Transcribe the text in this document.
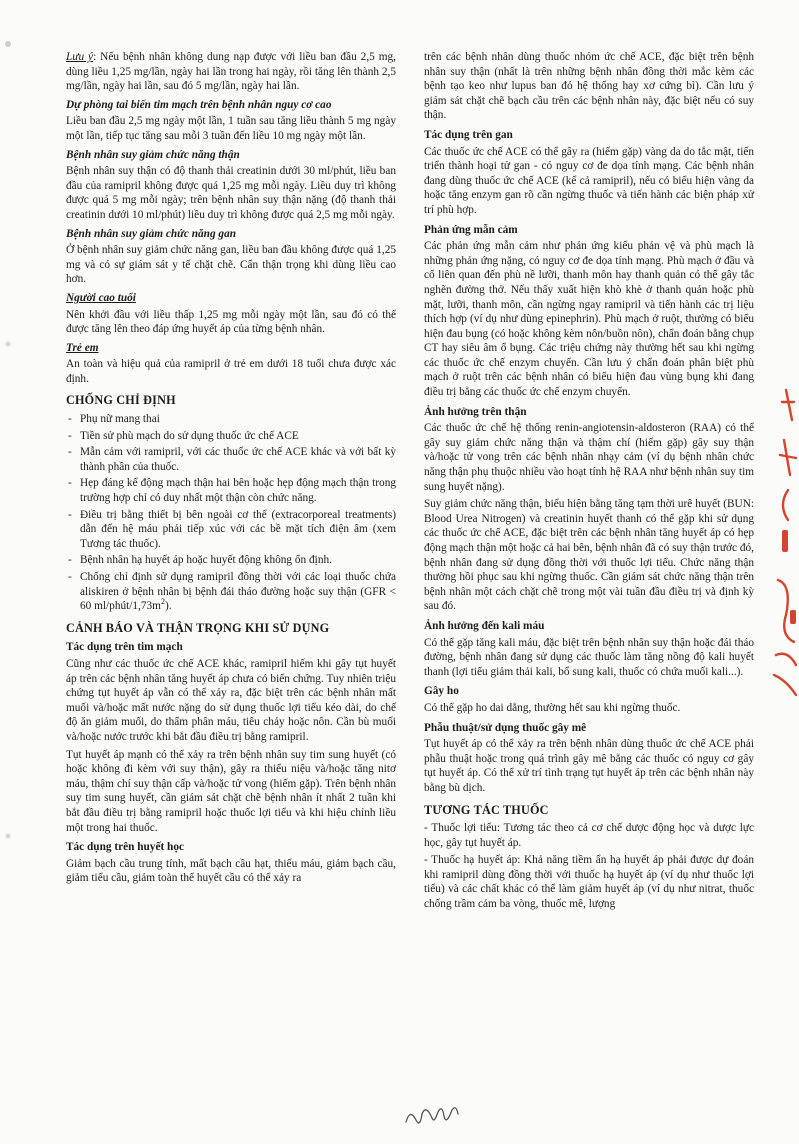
Lưu ý: Nếu bệnh nhân không dung nạp được với liều ban đầu 2,5 mg, dùng liều 1,25 mg/lần, ngày hai lần trong hai ngày, rồi tăng lên thành 2,5 mg/lần, ngày hai lần, sau đó 5 mg/lần, ngày hai lần.

Dự phòng tai biến tim mạch trên bệnh nhân nguy cơ cao

Liều ban đầu 2,5 mg ngày một lần, 1 tuần sau tăng liều thành 5 mg ngày một lần, tiếp tục tăng sau mỗi 3 tuần đến liều 10 mg ngày một lần.

Bệnh nhân suy giảm chức năng thận

Bệnh nhân suy thận có độ thanh thải creatinin dưới 30 ml/phút, liều ban đầu của ramipril không được quá 1,25 mg mỗi ngày. Liều duy trì không được quá 5 mg mỗi ngày; trên bệnh nhân suy thận nặng (độ thanh thải creatinin dưới 10 ml/phút) liều duy trì không được quá 2,5 mg mỗi ngày.

Bệnh nhân suy giảm chức năng gan

Ở bệnh nhân suy giảm chức năng gan, liều ban đầu không được quá 1,25 mg và có sự giám sát y tế chặt chẽ. Cẩn thận trọng khi dùng liều cao hơn.

Người cao tuổi

Nên khởi đầu với liều thấp 1,25 mg mỗi ngày một lần, sau đó có thể được tăng lên theo đáp ứng huyết áp của từng bệnh nhân.

Trẻ em

An toàn và hiệu quả của ramipril ở trẻ em dưới 18 tuổi chưa được xác định.

CHỐNG CHỈ ĐỊNH
- Phụ nữ mang thai
- Tiền sử phù mạch do sử dụng thuốc ức chế ACE
- Mẫn cảm với ramipril, với các thuốc ức chế ACE khác và với bất kỳ thành phần của thuốc.
- Hẹp đáng kể động mạch thận hai bên hoặc hẹp động mạch thận trong trường hợp chỉ có duy nhất một thận còn chức năng.
- Điều trị bằng thiết bị bên ngoài cơ thể (extracorporeal treatments) dẫn đến hệ máu phải tiếp xúc với các bề mặt tích điện âm (xem Tương tác thuốc).
- Bệnh nhân hạ huyết áp hoặc huyết động không ổn định.
- Chống chỉ định sử dụng ramipril đồng thời với các loại thuốc chứa aliskiren ở bệnh nhân bị bệnh đái tháo đường hoặc suy thận (GFR < 60 $ml/phút/1,73m^2$).
CẢNH BÁO VÀ THẬN TRỌNG KHI SỬ DỤNG
Tác dụng trên tim mạch

Cũng như các thuốc ức chế ACE khác, ramipril hiếm khi gây tụt huyết áp trên các bệnh nhân tăng huyết áp chưa có biến chứng. Tuy nhiên triệu chứng tụt huyết áp vẫn có thể xảy ra, đặc biệt trên các bệnh nhân mất muối và/hoặc mất nước nặng do sử dụng thuốc lợi tiểu kéo dài, do chế độ ăn giảm muối, do thẩm phân máu, tiêu chảy hoặc nôn. Cần bù muối và/hoặc nước trước khi bắt đầu điều trị bằng ramipril.

Tụt huyết áp mạnh có thể xảy ra trên bệnh nhân suy tim sung huyết (có hoặc không đi kèm với suy thận), gây ra thiểu niệu và/hoặc tăng nitơ máu, thậm chí suy thận cấp và/hoặc tử vong (hiếm gặp). Trên bệnh nhân suy tim sung huyết, cần giám sát chặt chẽ bệnh nhân ít nhất 2 tuần khi bắt đầu điều trị bằng ramipril hoặc thuốc lợi tiểu và khi hiệu chỉnh liều một trong hai thuốc.

Tác dụng trên huyết học

Giảm bạch cầu trung tính, mất bạch cầu hạt, thiếu máu, giảm bạch cầu, giảm tiểu cầu, giảm toàn thể huyết cầu có thể xảy ra

trên các bệnh nhân dùng thuốc nhóm ức chế ACE, đặc biệt trên bệnh nhân suy thận (nhất là trên những bệnh nhân đồng thời mắc kèm các bệnh tạo keo như lupus ban đỏ hệ thống hay xơ cứng bì). Cần lưu ý giám sát chặt chẽ bạch cầu trên các bệnh nhân này, đặc biệt nếu có suy thận.

Tác dụng trên gan

Các thuốc ức chế ACE có thể gây ra (hiếm gặp) vàng da do tắc mật, tiến triển thành hoại tử gan - có nguy cơ đe dọa tính mạng. Các bệnh nhân đang dùng thuốc ức chế ACE (kể cả ramipril), nếu có biểu hiện vàng da hoặc tăng enzym gan rõ cần ngừng thuốc và tiến hành các biện pháp xử trí phù hợp.

Phản ứng mẫn cảm

Các phản ứng mẫn cảm như phản ứng kiểu phản vệ và phù mạch là những phản ứng nặng, có nguy cơ đe dọa tính mạng. Phù mạch ở đầu và cổ liên quan đến phù nề lưỡi, thanh môn hay thanh quản có thể gây tắc nghẽn đường thở. Nếu thấy xuất hiện khò khè ở thanh quản hoặc phù mặt, lưỡi, thanh môn, cần ngừng ngay ramipril và tiến hành các trị liệu thích hợp (ví dụ như dùng epinephrin). Phù mạch ở ruột, thường có biểu hiện đau bụng (có hoặc không kèm nôn/buồn nôn), chẩn đoán bằng chụp CT hay siêu âm ổ bụng. Các triệu chứng này thường hết sau khi ngừng các thuốc ức chế enzym chuyển. Cần lưu ý chẩn đoán phân biệt phù mạch ở ruột trên các bệnh nhân có biểu hiện đau vùng bụng khi đang điều trị bằng các thuốc ức chế enzym chuyển.

Ảnh hưởng trên thận

Các thuốc ức chế hệ thống renin-angiotensin-aldosteron (RAA) có thể gây suy giảm chức năng thận và thậm chí (hiếm gặp) gây suy thận và/hoặc tử vong trên các bệnh nhân nhạy cảm (ví dụ bệnh nhân chức năng thận phụ thuộc nhiều vào hoạt tính hệ RAA như bệnh nhân suy tim sung huyết nặng).

Suy giảm chức năng thận, biểu hiện bằng tăng tạm thời urê huyết (BUN: Blood Urea Nitrogen) và creatinin huyết thanh có thể gặp khi sử dụng các thuốc ức chế ACE, đặc biệt trên các bệnh nhân tăng huyết áp có hẹp động mạch thận một hoặc cả hai bên, bệnh nhân đã có suy thận trước đó, bệnh nhân đang sử dụng đồng thời với thuốc lợi tiểu. Chức năng thận thường hồi phục sau khi ngừng thuốc. Cần giám sát chức năng thận trên bệnh nhân một cách chặt chẽ trong một vài tuần đầu điều trị và định kỳ sau đó.

Ảnh hưởng đến kali máu

Có thể gặp tăng kali máu, đặc biệt trên bệnh nhân suy thận hoặc đái tháo đường, bệnh nhân đang sử dụng các thuốc làm tăng nồng độ kali huyết thanh (lợi tiểu giảm thải kali, bổ sung kali, thuốc có chứa muối kali...).

Gây ho

Có thể gặp ho dai dẳng, thường hết sau khi ngừng thuốc.

Phẫu thuật/sử dụng thuốc gây mê

Tụt huyết áp có thể xảy ra trên bệnh nhân dùng thuốc ức chế ACE phải phẫu thuật hoặc trong quá trình gây mê bằng các thuốc có nguy cơ gây tụt huyết áp. Có thể xử trí tình trạng tụt huyết áp trên các bệnh nhân này bằng bù dịch.

TƯƠNG TÁC THUỐC

- Thuốc lợi tiểu: Tương tác theo cả cơ chế dược động học và dược lực học, gây tụt huyết áp.

- Thuốc hạ huyết áp: Khả năng tiềm ẩn hạ huyết áp phải được dự đoán khi ramipril dùng đồng thời với thuốc hạ huyết áp (ví dụ như thuốc lợi tiểu) và các chất khác có thể làm giảm huyết áp (ví dụ như nitrat, thuốc chống trầm cảm ba vòng, thuốc mê, lượng
